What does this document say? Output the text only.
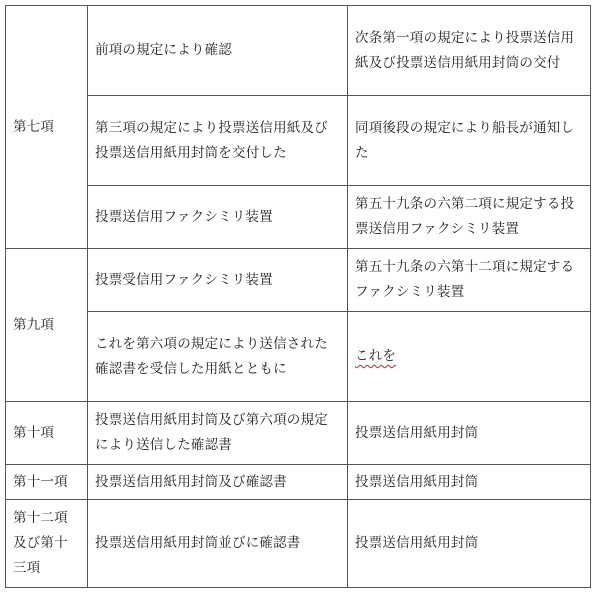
第七項	前項の規定により確認	次条第一項の規定により投票送信用紙及び投票送信用紙用封筒の交付
	第三項の規定により投票送信用紙及び投票送信用紙用封筒を交付した	同項後段の規定により船長が通知した
	投票送信用ファクシミリ装置	第五十九条の六第二項に規定する投票送信用ファクシミリ装置
第九項	投票受信用ファクシミリ装置	第五十九条の六第十二項に規定するファクシミリ装置
	これを第六項の規定により送信された確認書を受信した用紙とともに	これを
第十項	投票送信用紙用封筒及び第六項の規定により送信した確認書	投票送信用紙用封筒
第十一項	投票送信用紙用封筒及び確認書	投票送信用紙用封筒
第十二項及び第十三項	投票送信用紙用封筒並びに確認書	投票送信用紙用封筒
